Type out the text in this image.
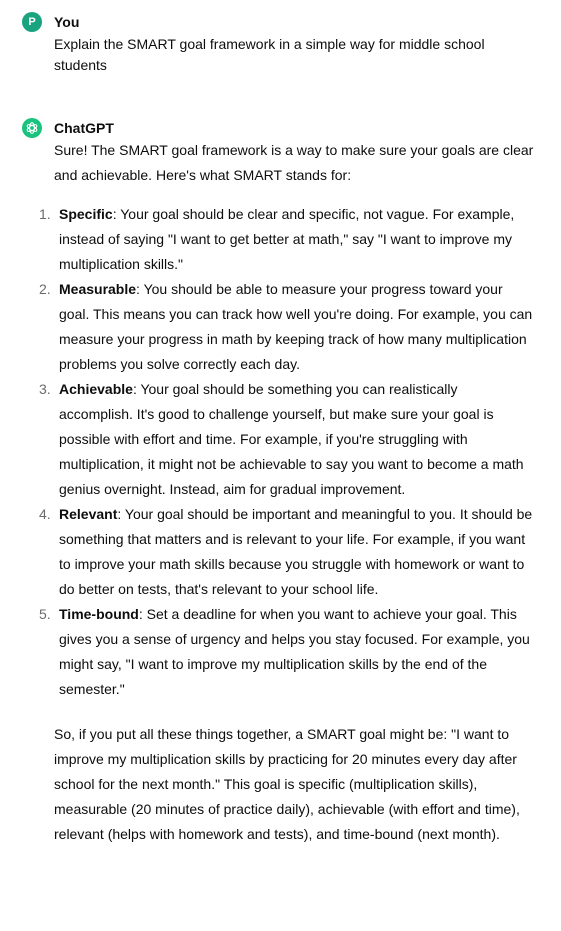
P You
Explain the SMART goal framework in a simple way for middle school students
ChatGPT
Sure! The SMART goal framework is a way to make sure your goals are clear and achievable. Here's what SMART stands for:
1. Specific: Your goal should be clear and specific, not vague. For example, instead of saying "I want to get better at math," say "I want to improve my multiplication skills."
2. Measurable: You should be able to measure your progress toward your goal. This means you can track how well you're doing. For example, you can measure your progress in math by keeping track of how many multiplication problems you solve correctly each day.
3. Achievable: Your goal should be something you can realistically accomplish. It's good to challenge yourself, but make sure your goal is possible with effort and time. For example, if you're struggling with multiplication, it might not be achievable to say you want to become a math genius overnight. Instead, aim for gradual improvement.
4. Relevant: Your goal should be important and meaningful to you. It should be something that matters and is relevant to your life. For example, if you want to improve your math skills because you struggle with homework or want to do better on tests, that's relevant to your school life.
5. Time-bound: Set a deadline for when you want to achieve your goal. This gives you a sense of urgency and helps you stay focused. For example, you might say, "I want to improve my multiplication skills by the end of the semester."
So, if you put all these things together, a SMART goal might be: "I want to improve my multiplication skills by practicing for 20 minutes every day after school for the next month." This goal is specific (multiplication skills), measurable (20 minutes of practice daily), achievable (with effort and time), relevant (helps with homework and tests), and time-bound (next month).
